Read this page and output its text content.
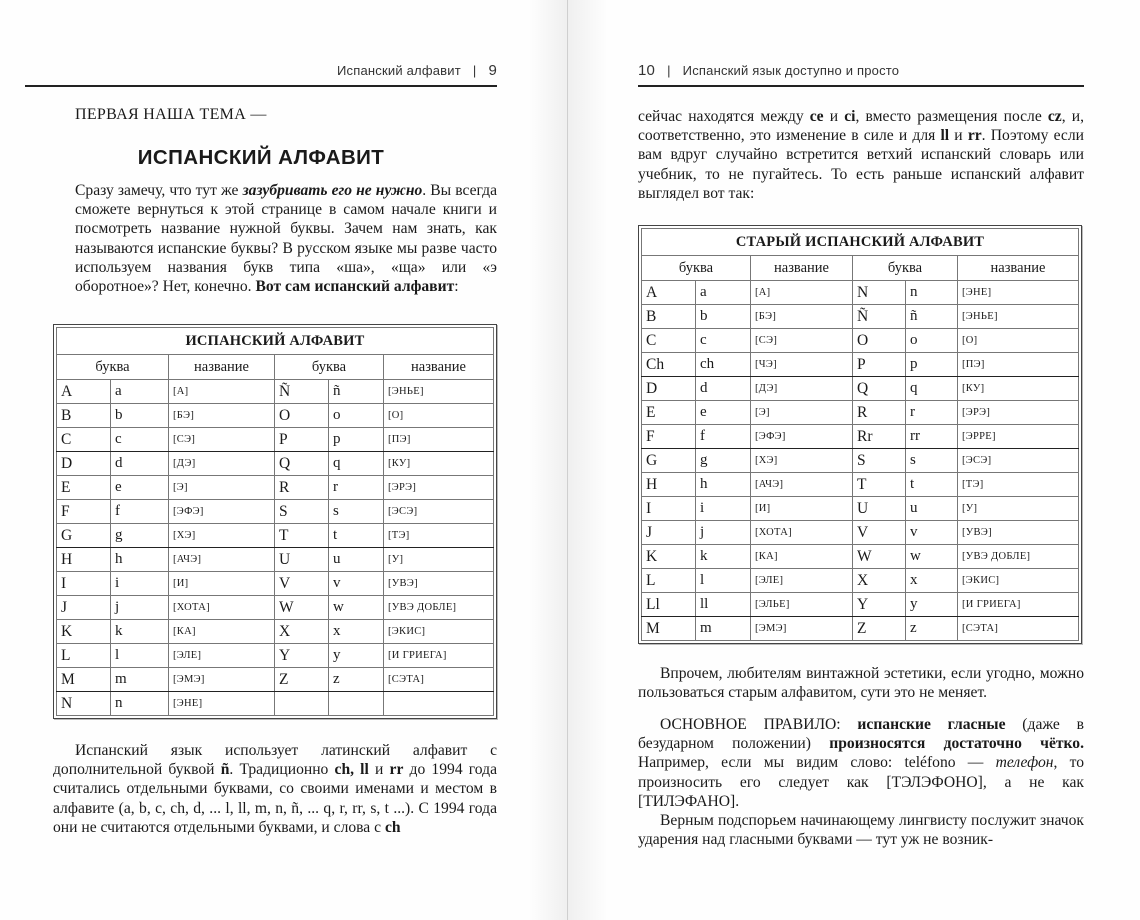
Испанский алфавит | 9
ПЕРВАЯ НАША ТЕМА —
ИСПАНСКИЙ АЛФАВИТ

Сразу замечу, что тут же зазубривать его не нужно. Вы всегда сможете вернуться к этой странице в самом начале книги и посмотреть название нужной буквы. Зачем нам знать, как называются испанские буквы? В русском языке мы разве часто используем названия букв типа «ша», «ща» или «э оборотное»? Нет, конечно. Вот сам испанский алфавит:

ИСПАНСКИЙ АЛФАВИТ					
буква		название	буква		название
A	a	[А]	Ñ	ñ	[ЭНЬЕ]
B	b	[БЭ]	O	o	[О]
C	c	[СЭ]	P	p	[ПЭ]
D	d	[ДЭ]	Q	q	[КУ]
E	e	[Э]	R	r	[ЭРЭ]
F	f	[ЭФЭ]	S	s	[ЭСЭ]
G	g	[ХЭ]	T	t	[ТЭ]
H	h	[АЧЭ]	U	u	[У]
I	i	[И]	V	v	[УВЭ]
J	j	[ХОТА]	W	w	[УВЭ ДОБЛЕ]
K	k	[КА]	X	x	[ЭКИС]
L	l	[ЭЛЕ]	Y	y	[И ГРИЕГА]
M	m	[ЭМЭ]	Z	z	[СЭТА]
N	n	[ЭНЕ]			

Испанский язык использует латинский алфавит с дополнительной буквой ñ. Традиционно ch, ll и rr до 1994 года считались отдельными буквами, со своими именами и местом в алфавите (a, b, c, ch, d, ... l, ll, m, n, ñ, ... q, r, rr, s, t ...). С 1994 года они не считаются отдельными буквами, и слова с ch

10 | Испанский язык доступно и просто

сейчас находятся между ce и ci, вместо размещения после cz, и, соответственно, это изменение в силе и для ll и rr. Поэтому если вам вдруг случайно встретится ветхий испанский словарь или учебник, то не пугайтесь. То есть раньше испанский алфавит выглядел вот так:

СТАРЫЙ ИСПАНСКИЙ АЛФАВИТ					
буква		название	буква		название
A	a	[А]	N	n	[ЭНЕ]
B	b	[БЭ]	Ñ	ñ	[ЭНЬЕ]
C	c	[СЭ]	O	o	[О]
Ch	ch	[ЧЭ]	P	p	[ПЭ]
D	d	[ДЭ]	Q	q	[КУ]
E	e	[Э]	R	r	[ЭРЭ]
F	f	[ЭФЭ]	Rr	rr	[ЭРРЕ]
G	g	[ХЭ]	S	s	[ЭСЭ]
H	h	[АЧЭ]	T	t	[ТЭ]
I	i	[И]	U	u	[У]
J	j	[ХОТА]	V	v	[УВЭ]
K	k	[КА]	W	w	[УВЭ ДОБЛЕ]
L	l	[ЭЛЕ]	X	x	[ЭКИС]
Ll	ll	[ЭЛЬЕ]	Y	y	[И ГРИЕГА]
M	m	[ЭМЭ]	Z	z	[СЭТА]

Впрочем, любителям винтажной эстетики, если угодно, можно пользоваться старым алфавитом, сути это не меняет.

ОСНОВНОЕ ПРАВИЛО: испанские гласные (даже в безударном положении) произносятся достаточно чётко. Например, если мы видим слово: teléfono — телефон, то произносить его следует как [ТЭЛЭФОНО], а не как [ТИЛЭФАНО].

Верным подспорьем начинающему лингвисту послужит значок ударения над гласными буквами — тут уж не возник-
